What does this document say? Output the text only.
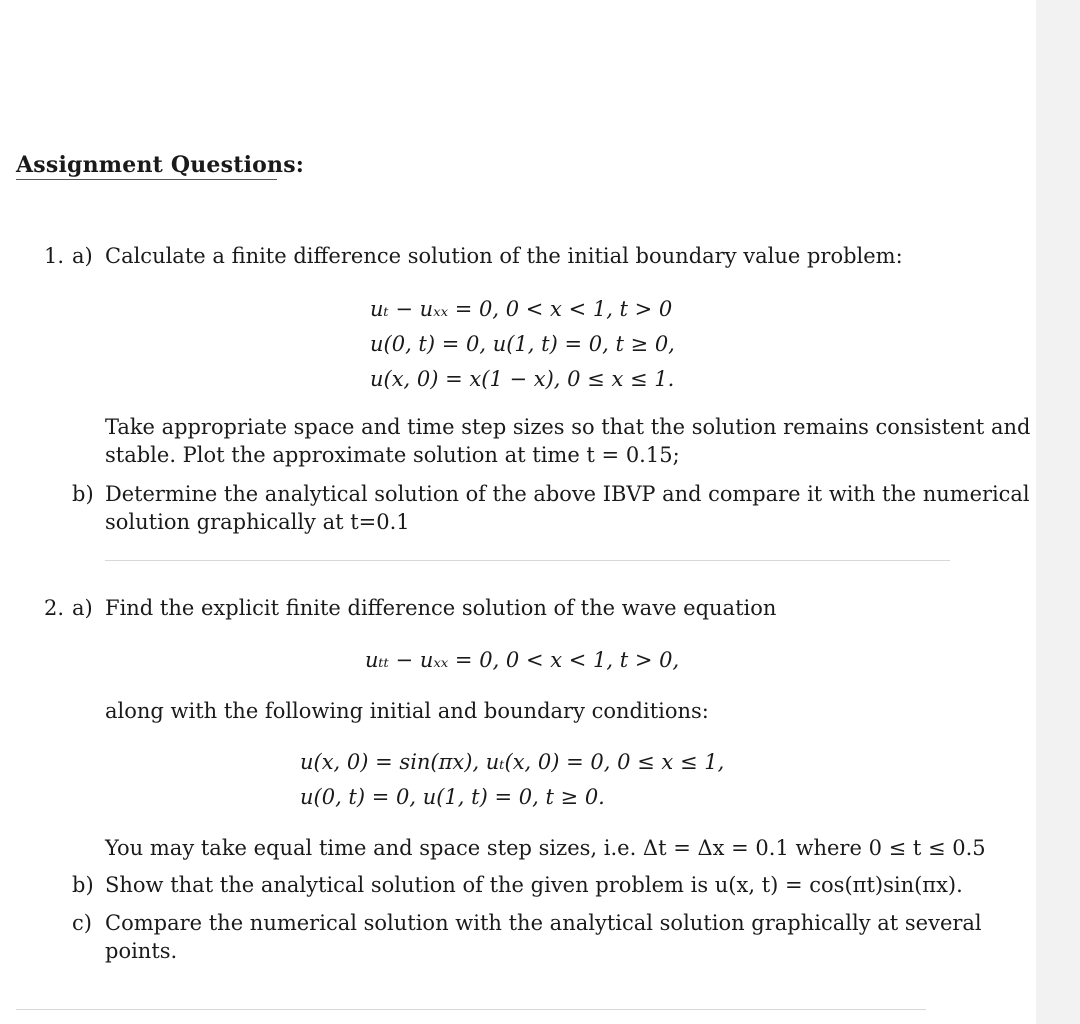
Assignment Questions:
1. a) Calculate a finite difference solution of the initial boundary value problem:
uₜ − uₓₓ = 0, 0 < x < 1, t > 0
u(0, t) = 0, u(1, t) = 0, t ≥ 0,
u(x, 0) = x(1 − x), 0 ≤ x ≤ 1.
Take appropriate space and time step sizes so that the solution remains consistent and
stable. Plot the approximate solution at time t = 0.15;
b) Determine the analytical solution of the above IBVP and compare it with the numerical
solution graphically at t=0.1
2. a) Find the explicit finite difference solution of the wave equation
uₜₜ − uₓₓ = 0, 0 < x < 1, t > 0,
along with the following initial and boundary conditions:
u(x, 0) = sin(πx), uₜ(x, 0) = 0, 0 ≤ x ≤ 1,
u(0, t) = 0, u(1, t) = 0, t ≥ 0.
You may take equal time and space step sizes, i.e. Δt = Δx = 0.1 where 0 ≤ t ≤ 0.5
b) Show that the analytical solution of the given problem is u(x, t) = cos(πt)sin(πx).
c) Compare the numerical solution with the analytical solution graphically at several
points.
